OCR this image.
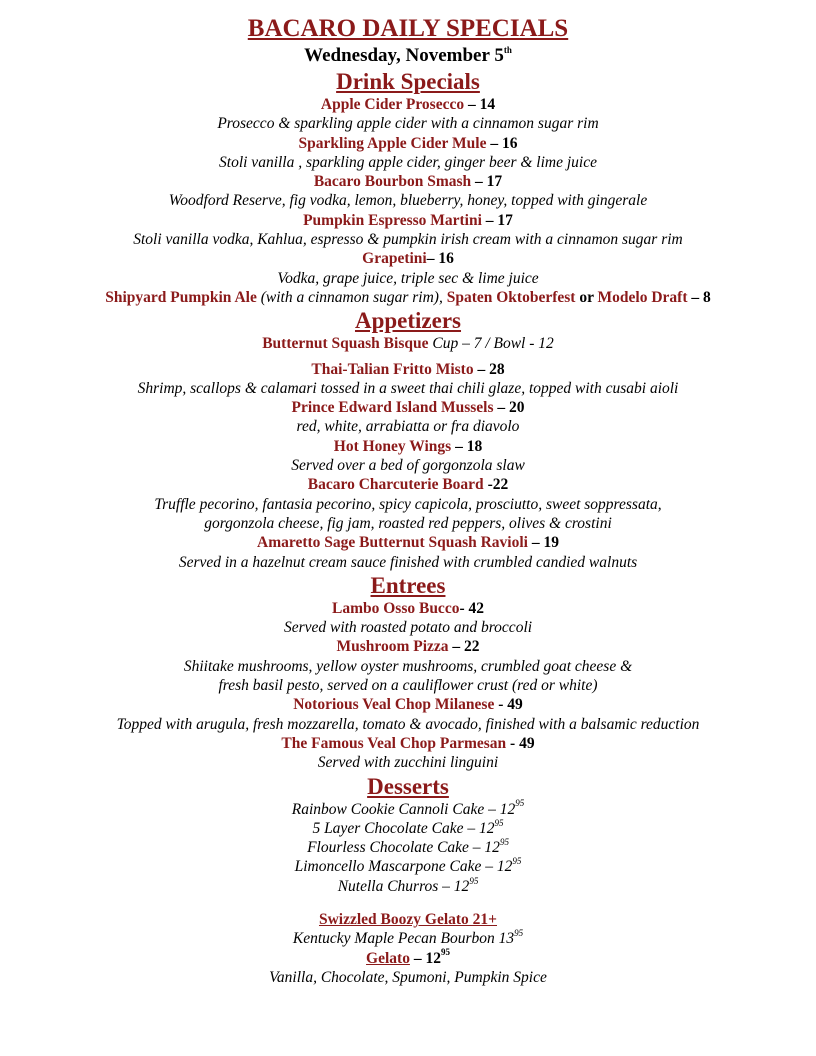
BACARO DAILY SPECIALS
Wednesday, November 5th
Drink Specials
Apple Cider Prosecco – 14
Prosecco & sparkling apple cider with a cinnamon sugar rim
Sparkling Apple Cider Mule – 16
Stoli vanilla , sparkling apple cider, ginger beer & lime juice
Bacaro Bourbon Smash – 17
Woodford Reserve, fig vodka, lemon, blueberry, honey, topped with gingerale
Pumpkin Espresso Martini – 17
Stoli vanilla vodka, Kahlua, espresso & pumpkin irish cream with a cinnamon sugar rim
Grapetini– 16
Vodka, grape juice, triple sec & lime juice
Shipyard Pumpkin Ale (with a cinnamon sugar rim), Spaten Oktoberfest or Modelo Draft – 8
Appetizers
Butternut Squash Bisque Cup – 7 / Bowl - 12
Thai-Talian Fritto Misto – 28
Shrimp, scallops & calamari tossed in a sweet thai chili glaze, topped with cusabi aioli
Prince Edward Island Mussels – 20
red, white, arrabiatta or fra diavolo
Hot Honey Wings – 18
Served over a bed of gorgonzola slaw
Bacaro Charcuterie Board -22
Truffle pecorino, fantasia pecorino, spicy capicola, prosciutto, sweet soppressata,
gorgonzola cheese, fig jam, roasted red peppers, olives & crostini
Amaretto Sage Butternut Squash Ravioli – 19
Served in a hazelnut cream sauce finished with crumbled candied walnuts
Entrees
Lambo Osso Bucco- 42
Served with roasted potato and broccoli
Mushroom Pizza – 22
Shiitake mushrooms, yellow oyster mushrooms, crumbled goat cheese &
fresh basil pesto, served on a cauliflower crust (red or white)
Notorious Veal Chop Milanese - 49
Topped with arugula, fresh mozzarella, tomato & avocado, finished with a balsamic reduction
The Famous Veal Chop Parmesan - 49
Served with zucchini linguini
Desserts
Rainbow Cookie Cannoli Cake – $12^{95}$
5 Layer Chocolate Cake – $12^{95}$
Flourless Chocolate Cake – $12^{95}$
Limoncello Mascarpone Cake – $12^{95}$
Nutella Churros – $12^{95}$
Swizzled Boozy Gelato 21+
Kentucky Maple Pecan Bourbon $13^{95}$
Gelato – $12^{95}$
Vanilla, Chocolate, Spumoni, Pumpkin Spice
